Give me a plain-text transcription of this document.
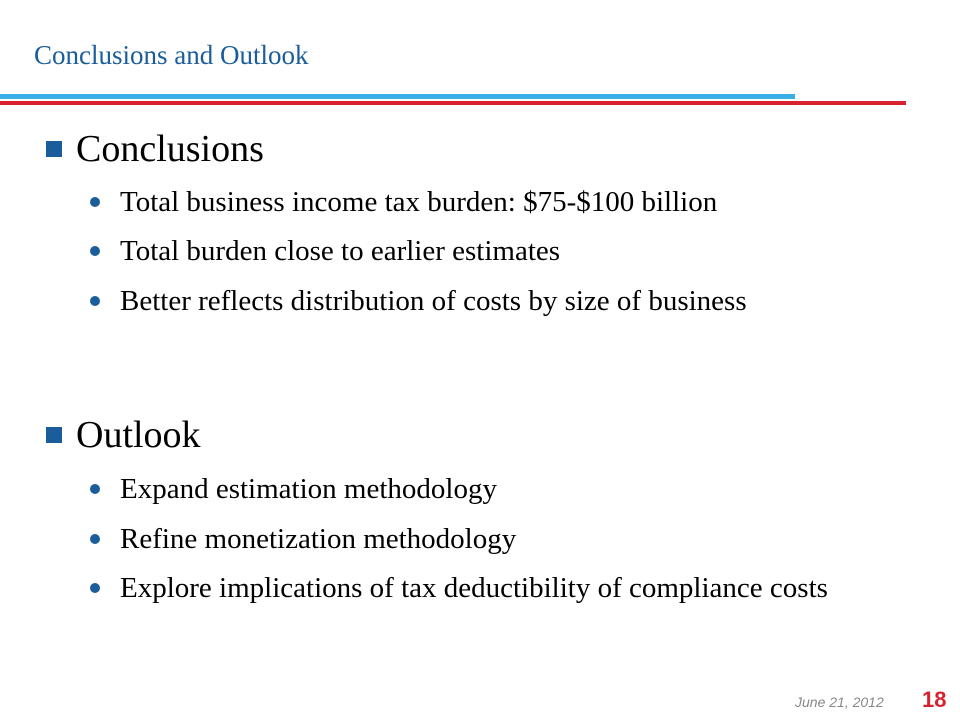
Conclusions and Outlook
Conclusions
Total business income tax burden: $75-$100 billion
Total burden close to earlier estimates
Better reflects distribution of costs by size of business
Outlook
Expand estimation methodology
Refine monetization methodology
Explore implications of tax deductibility of compliance costs
June 21, 2012 18
